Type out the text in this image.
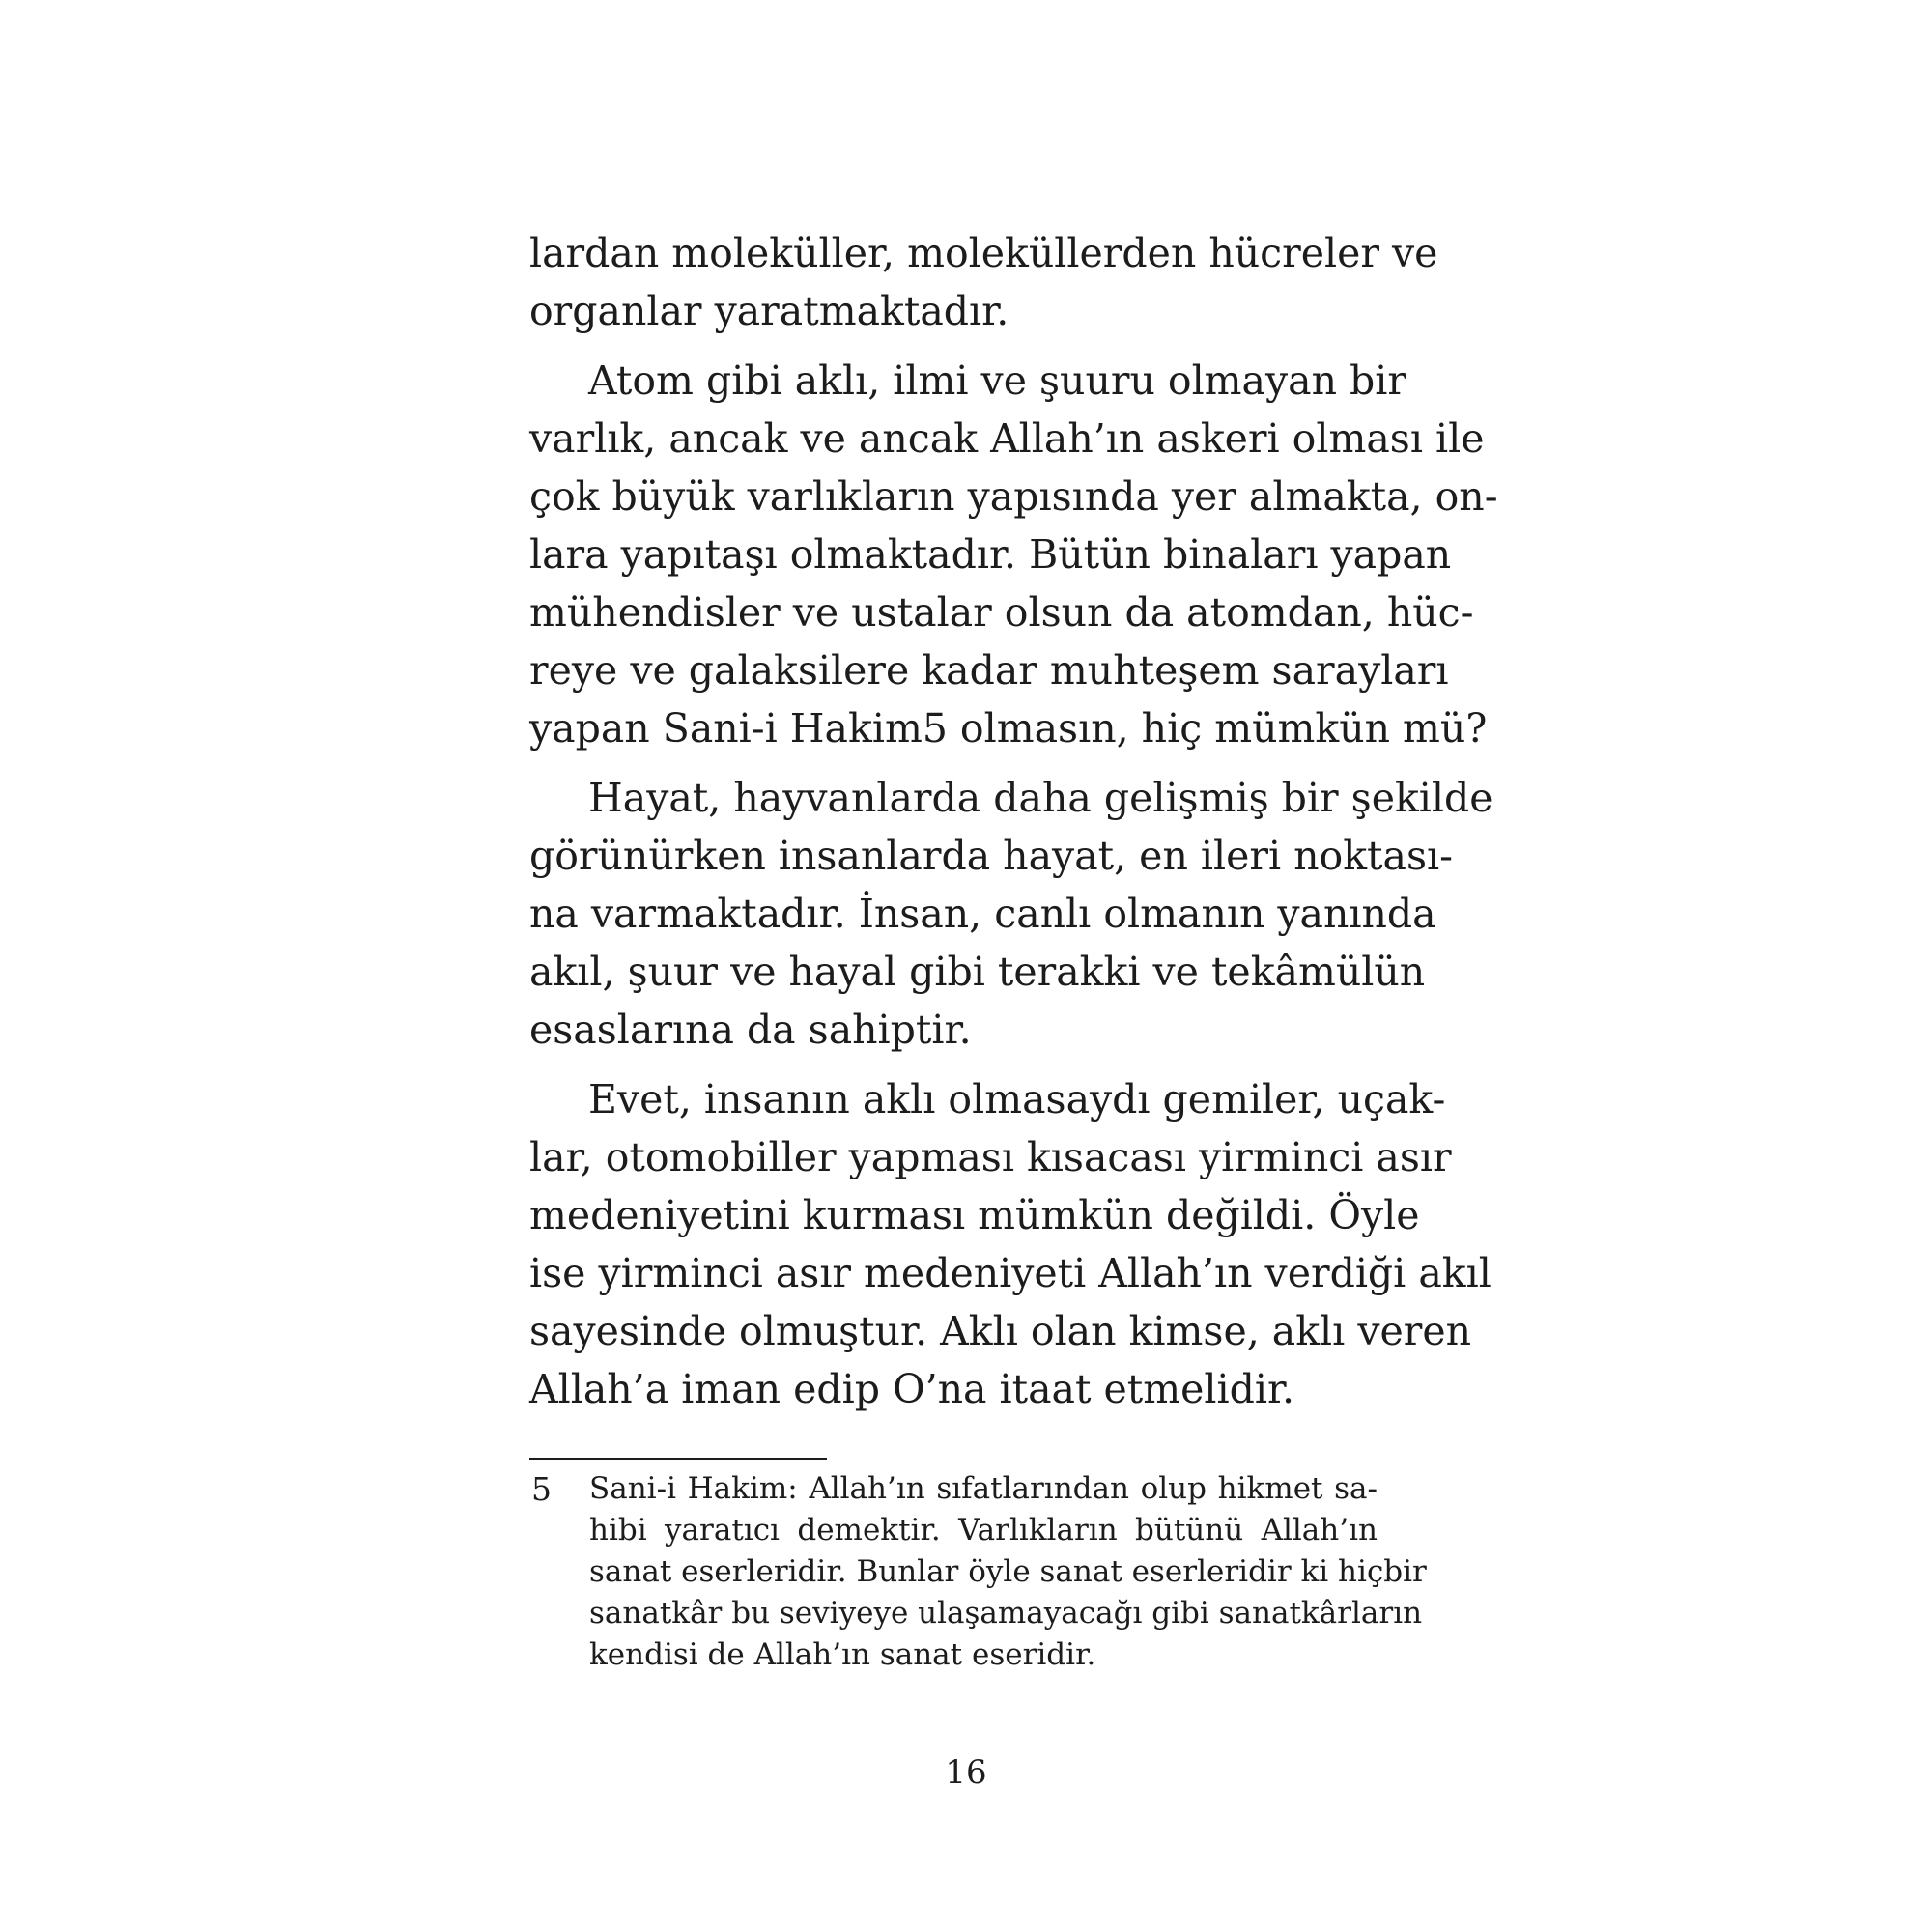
lardan moleküller, moleküllerden hücreler ve
organlar yaratmaktadır.
Atom gibi aklı, ilmi ve şuuru olmayan bir
varlık, ancak ve ancak Allah’ın askeri olması ile
çok büyük varlıkların yapısında yer almakta, on-
lara yapıtaşı olmaktadır. Bütün binaları yapan
mühendisler ve ustalar olsun da atomdan, hüc-
reye ve galaksilere kadar muhteşem sarayları
yapan Sani-i Hakim5 olmasın, hiç mümkün mü?
Hayat, hayvanlarda daha gelişmiş bir şekilde
görünürken insanlarda hayat, en ileri noktası-
na varmaktadır. İnsan, canlı olmanın yanında
akıl, şuur ve hayal gibi terakki ve tekâmülün
esaslarına da sahiptir.
Evet, insanın aklı olmasaydı gemiler, uçak-
lar, otomobiller yapması kısacası yirminci asır
medeniyetini kurması mümkün değildi. Öyle
ise yirminci asır medeniyeti Allah’ın verdiği akıl
sayesinde olmuştur. Aklı olan kimse, aklı veren
Allah’a iman edip O’na itaat etmelidir.
5 Sani-i Hakim: Allah’ın sıfatlarından olup hikmet sa-
hibi yaratıcı demektir. Varlıkların bütünü Allah’ın
sanat eserleridir. Bunlar öyle sanat eserleridir ki hiçbir
sanatkâr bu seviyeye ulaşamayacağı gibi sanatkârların
kendisi de Allah’ın sanat eseridir.
16
